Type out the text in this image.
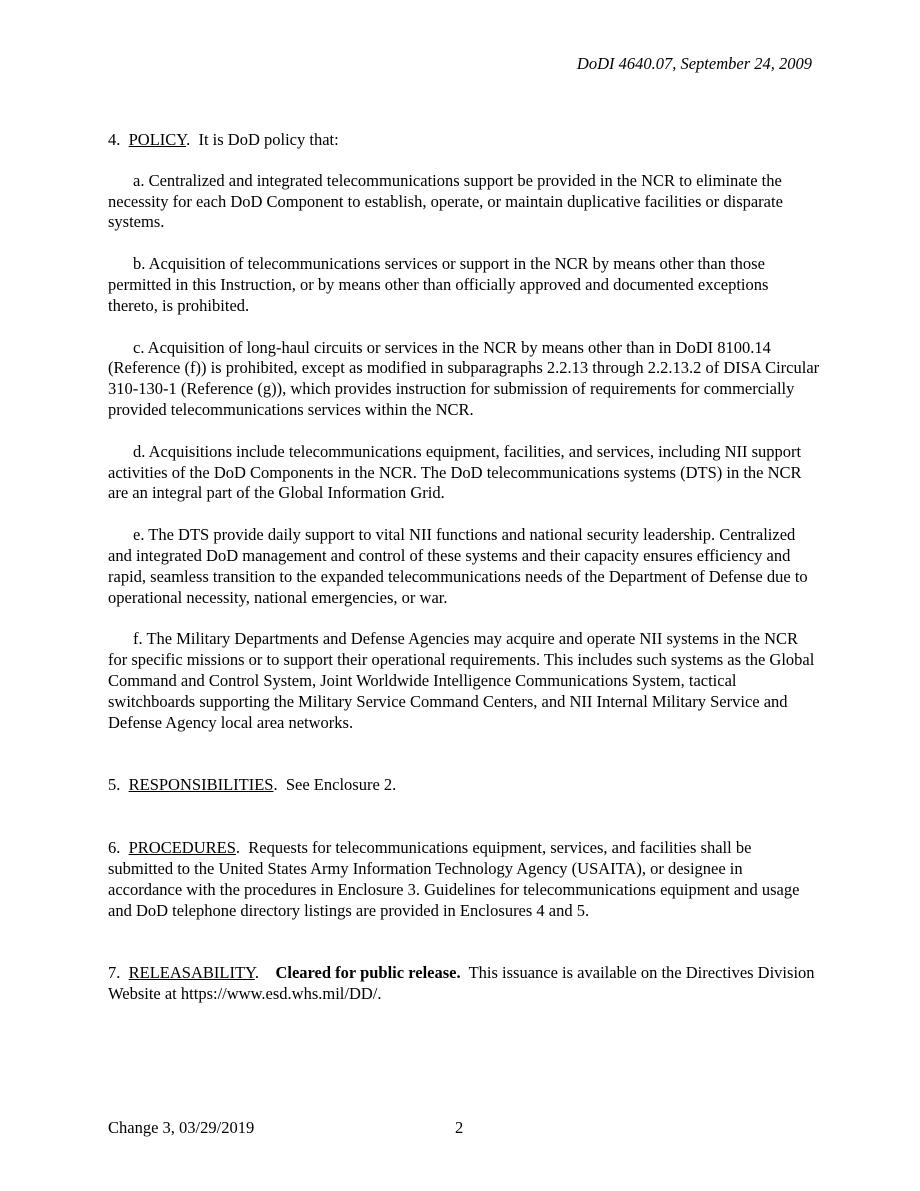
DoDI 4640.07, September 24, 2009

4. POLICY.  It is DoD policy that:

a. Centralized and integrated telecommunications support be provided in the NCR to eliminate the necessity for each DoD Component to establish, operate, or maintain duplicative facilities or disparate systems.

b. Acquisition of telecommunications services or support in the NCR by means other than those permitted in this Instruction, or by means other than officially approved and documented exceptions thereto, is prohibited.

c. Acquisition of long-haul circuits or services in the NCR by means other than in DoDI 8100.14 (Reference (f)) is prohibited, except as modified in subparagraphs 2.2.13 through 2.2.13.2 of DISA Circular 310-130-1 (Reference (g)), which provides instruction for submission of requirements for commercially provided telecommunications services within the NCR.

d. Acquisitions include telecommunications equipment, facilities, and services, including NII support activities of the DoD Components in the NCR. The DoD telecommunications systems (DTS) in the NCR are an integral part of the Global Information Grid.

e. The DTS provide daily support to vital NII functions and national security leadership. Centralized and integrated DoD management and control of these systems and their capacity ensures efficiency and rapid, seamless transition to the expanded telecommunications needs of the Department of Defense due to operational necessity, national emergencies, or war.

f. The Military Departments and Defense Agencies may acquire and operate NII systems in the NCR for specific missions or to support their operational requirements. This includes such systems as the Global Command and Control System, Joint Worldwide Intelligence Communications System, tactical switchboards supporting the Military Service Command Centers, and NII Internal Military Service and Defense Agency local area networks.

5. RESPONSIBILITIES.  See Enclosure 2.

6. PROCEDURES.  Requests for telecommunications equipment, services, and facilities shall be submitted to the United States Army Information Technology Agency (USAITA), or designee in accordance with the procedures in Enclosure 3. Guidelines for telecommunications equipment and usage and DoD telephone directory listings are provided in Enclosures 4 and 5.

7. RELEASABILITY.    Cleared for public release. This issuance is available on the Directives Division Website at https://www.esd.whs.mil/DD/.

Change 3, 03/29/2019	2
